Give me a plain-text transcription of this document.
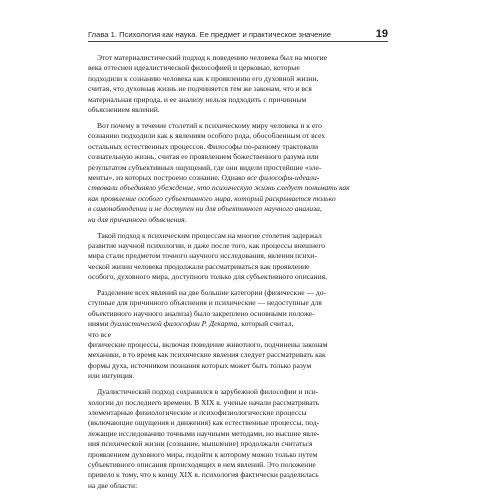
Глава 1. Психология как наука. Ее предмет и практическое значение	19

Этот материалистический подход к поведению человека был на многие
века оттеснен идеалистической философией и церковью, которые
подходили к сознанию человека как к проявлению его духовной жизни,
считая, что духовная жизнь не подчиняется тем же законам, что и вся
материальная природа, и ее анализу нельзя подходить с причинным
объяснением явлений.

Вот почему в течение столетий к психическому миру человека и к его
сознанию подходили как к явлениям особого рода, обособленным от всех
остальных естественных процессов. Философы по-разному трактовали
сознательную жизнь, считая ее проявлением божественного разума или
результатом субъективных ощущений, где они видели простейшие «эле-
менты», из которых построено сознание. Однако все философы-идеали-
ствовали объединяло убеждение, что психическую жизнь следует понимать как
как проявление особого субъективного мира, который раскрывается только
в самонаблюдении и не доступен ни для объективного научного анализа,
ни для причинного объяснения.

Такой подход к психическим процессам на многие столетия задержал
развитие научной психологии, и даже после того, как процессы внешнего
мира стали предметом точного научного исследования, явления психи-
ческой жизни человека продолжали рассматриваться как проявление
особого, духовного мира, доступного только для субъективного описания.

Разделение всех явлений на две большие категории (физические — до-
ступные для причинного объяснения и психические — недоступные для
объективного научного анализа) было закреплено основными положе-
ниями дуалистической философии Р. Декарта, который считал,
что все
физические процессы, включая поведение животного, подчинены законам
механики, в то время как психические явления следует рассматривать как
формы духа, источником познания которых может быть только разум
или интуиция.

Дуалистический подход сохранился в зарубежной философии и пси-
хологии до последнего времени. В XIX в. ученые начали рассматривать
элементарные физиологические и психофизиологические процессы
(включающие ощущения и движения) как естественные процессы, под-
лежащие исследованию точными научными методами, но высшие явле-
ния психической жизни (сознание, мышление) продолжали считаться
проявлением духовного мира, подойти к которому можно только путем
субъективного описания происходящих в нем явлений. Это положение
привело к тому, что к концу XIX в. психология фактически разделилась
на две области:
